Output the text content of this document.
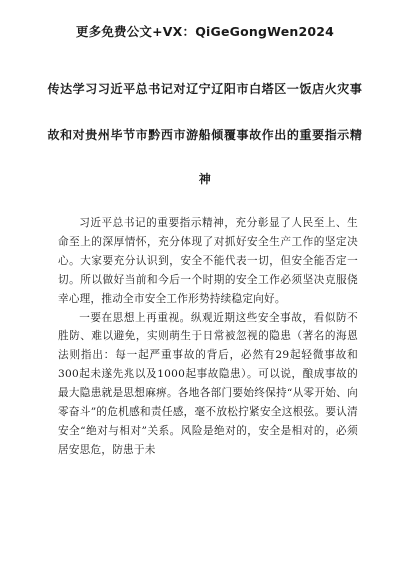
更多免费公文+VX：QiGeGongWen2024
传达学习习近平总书记对辽宁辽阳市白塔区一饭店火灾事
故和对贵州毕节市黔西市游船倾覆事故作出的重要指示精
神

习近平总书记的重要指示精神，充分彰显了人民至上、生命至上的深厚情怀，充分体现了对抓好安全生产工作的坚定决心。大家要充分认识到，安全不能代表一切，但安全能否定一切。所以做好当前和今后一个时期的安全工作必须坚决克服侥幸心理，推动全市安全工作形势持续稳定向好。

一要在思想上再重视。纵观近期这些安全事故，看似防不胜防、难以避免，实则萌生于日常被忽视的隐患（著名的海恩法则指出：每一起严重事故的背后，必然有29起轻微事故和300起未遂先兆以及1000起事故隐患）。可以说，酿成事故的最大隐患就是思想麻痹。各地各部门要始终保持“从零开始、向零奋斗”的危机感和责任感，毫不放松拧紧安全这根弦。要认清安全“绝对与相对”关系。风险是绝对的，安全是相对的，必须居安思危，防患于未
